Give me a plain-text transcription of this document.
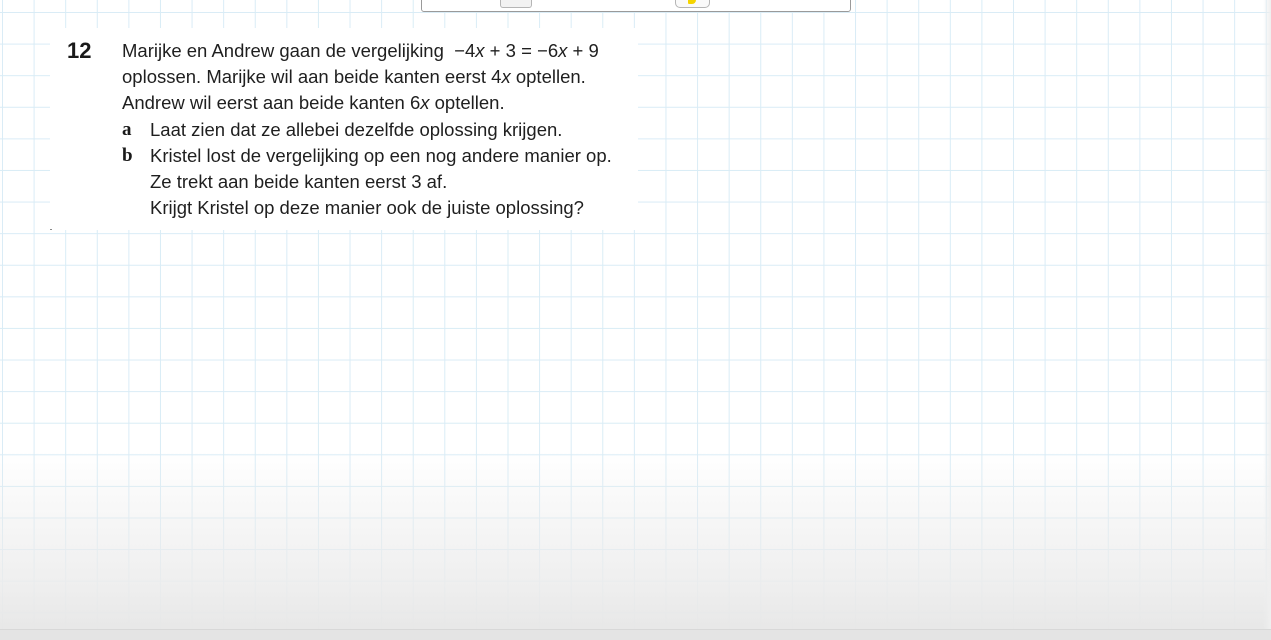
12 Marijke en Andrew gaan de vergelijking −4x + 3 = −6x + 9
oplossen. Marijke wil aan beide kanten eerst 4x optellen.
Andrew wil eerst aan beide kanten 6x optellen.
a Laat zien dat ze allebei dezelfde oplossing krijgen.
b Kristel lost de vergelijking op een nog andere manier op.
Ze trekt aan beide kanten eerst 3 af.
Krijgt Kristel op deze manier ook de juiste oplossing?
